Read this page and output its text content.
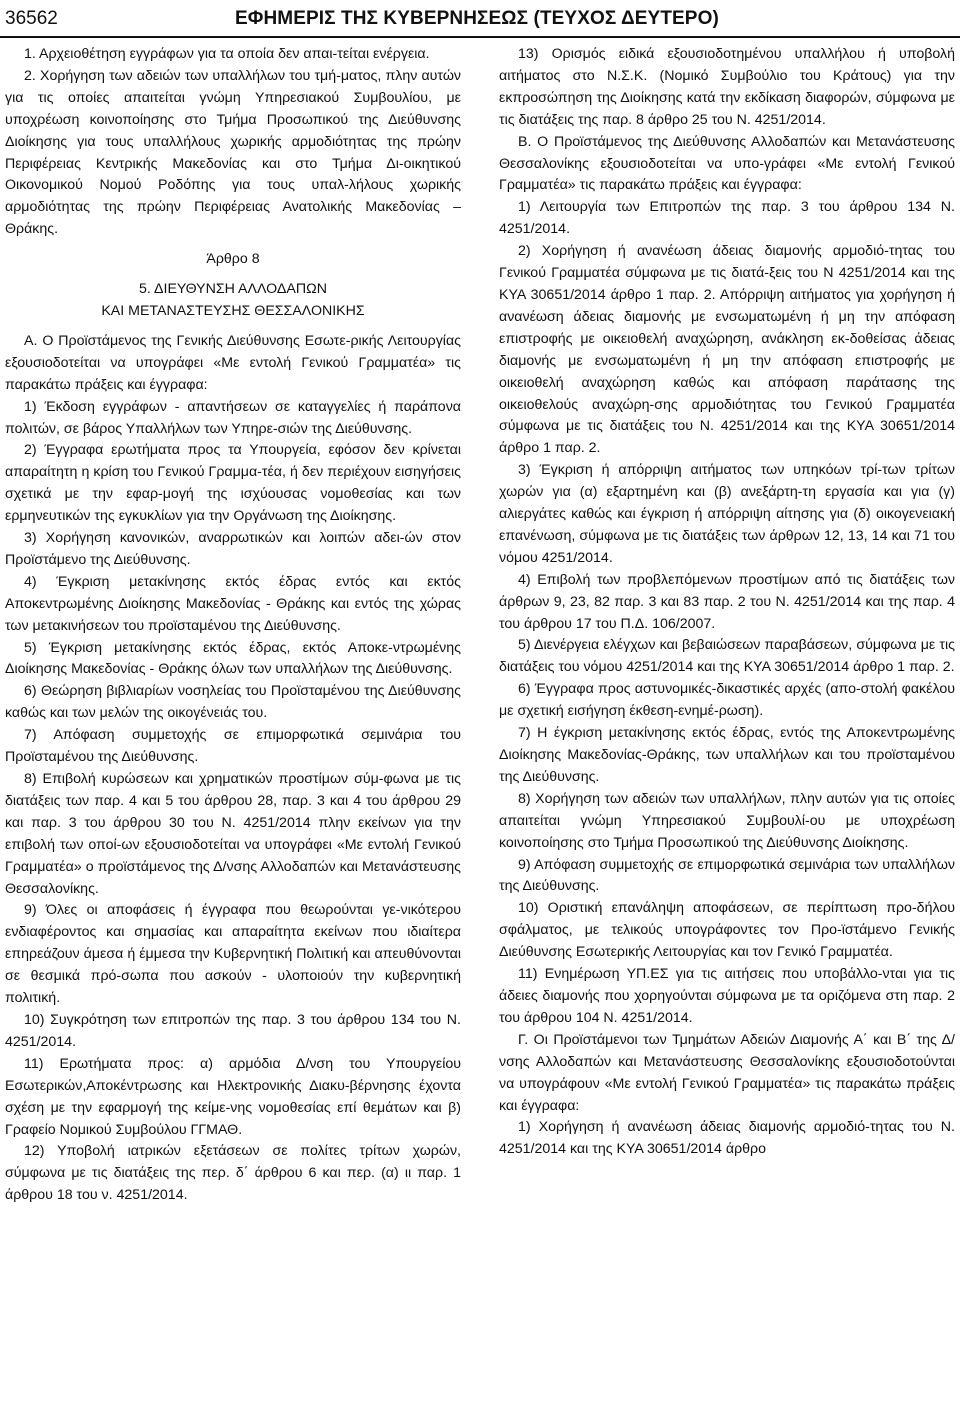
36562	ΕΦΗΜΕΡΙΣ ΤΗΣ ΚΥΒΕΡΝΗΣΕΩΣ (ΤΕΥΧΟΣ ΔΕΥΤΕΡΟ)

1. Αρχειοθέτηση εγγράφων για τα οποία δεν απαι-τείται ενέργεια.

2. Χορήγηση των αδειών των υπαλλήλων του τμή-ματος, πλην αυτών για τις οποίες απαιτείται γνώμη Υπηρεσιακού Συμβουλίου, με υποχρέωση κοινοποίησης στο Τμήμα Προσωπικού της Διεύθυνσης Διοίκησης για τους υπαλλήλους χωρικής αρμοδιότητας της πρώην Περιφέρειας Κεντρικής Μακεδονίας και στο Τμήμα Δι-οικητικού Οικονομικού Νομού Ροδόπης για τους υπαλ-λήλους χωρικής αρμοδιότητας της πρώην Περιφέρειας Ανατολικής Μακεδονίας – Θράκης.

Άρθρο 8

5. ΔΙΕΥΘΥΝΣΗ ΑΛΛΟΔΑΠΩΝ

ΚΑΙ ΜΕΤΑΝΑΣΤΕΥΣΗΣ ΘΕΣΣΑΛΟΝΙΚΗΣ

Α. Ο Προϊστάμενος της Γενικής Διεύθυνσης Εσωτε-ρικής Λειτουργίας εξουσιοδοτείται να υπογράφει «Με εντολή Γενικού Γραμματέα» τις παρακάτω πράξεις και έγγραφα:

1) Έκδοση εγγράφων - απαντήσεων σε καταγγελίες ή παράπονα πολιτών, σε βάρος Υπαλλήλων των Υπηρε-σιών της Διεύθυνσης.

2) Έγγραφα ερωτήματα προς τα Υπουργεία, εφόσον δεν κρίνεται απαραίτητη η κρίση του Γενικού Γραμμα-τέα, ή δεν περιέχουν εισηγήσεις σχετικά με την εφαρ-μογή της ισχύουσας νομοθεσίας και των ερμηνευτικών της εγκυκλίων για την Οργάνωση της Διοίκησης.

3) Χορήγηση κανονικών, αναρρωτικών και λοιπών αδει-ών στον Προϊστάμενο της Διεύθυνσης.

4) Έγκριση μετακίνησης εκτός έδρας εντός και εκτός Αποκεντρωμένης Διοίκησης Μακεδονίας - Θράκης και εντός της χώρας των μετακινήσεων του προϊσταμένου της Διεύθυνσης.

5) Έγκριση μετακίνησης εκτός έδρας, εκτός Αποκε-ντρωμένης Διοίκησης Μακεδονίας - Θράκης όλων των υπαλλήλων της Διεύθυνσης.

6) Θεώρηση βιβλιαρίων νοσηλείας του Προϊσταμένου της Διεύθυνσης καθώς και των μελών της οικογένειάς του.

7) Απόφαση συμμετοχής σε επιμορφωτικά σεμινάρια του Προϊσταμένου της Διεύθυνσης.

8) Επιβολή κυρώσεων και χρηματικών προστίμων σύμ-φωνα με τις διατάξεις των παρ. 4 και 5 του άρθρου 28, παρ. 3 και 4 του άρθρου 29 και παρ. 3 του άρθρου 30 του Ν. 4251/2014 πλην εκείνων για την επιβολή των οποί-ων εξουσιοδοτείται να υπογράφει «Με εντολή Γενικού Γραμματέα» ο προϊστάμενος της Δ/νσης Αλλοδαπών και Μετανάστευσης Θεσσαλονίκης.

9) Όλες οι αποφάσεις ή έγγραφα που θεωρούνται γε-νικότερου ενδιαφέροντος και σημασίας και απαραίτητα εκείνων που ιδιαίτερα επηρεάζουν άμεσα ή έμμεσα την Κυβερνητική Πολιτική και απευθύνονται σε θεσμικά πρό-σωπα που ασκούν - υλοποιούν την κυβερνητική πολιτική.

10) Συγκρότηση των επιτροπών της παρ. 3 του άρθρου 134 του Ν. 4251/2014.

11) Ερωτήματα προς: α) αρμόδια Δ/νση του Υπουργείου Εσωτερικών,Αποκέντρωσης και Ηλεκτρονικής Διακυ-βέρνησης έχοντα σχέση με την εφαρμογή της κείμε-νης νομοθεσίας επί θεμάτων και β) Γραφείο Νομικού Συμβούλου ΓΓΜΑΘ.

12) Υποβολή ιατρικών εξετάσεων σε πολίτες τρίτων χωρών, σύμφωνα με τις διατάξεις της περ. δ΄ άρθρου 6 και περ. (α) ιι παρ. 1 άρθρου 18 του ν. 4251/2014.

13) Ορισμός ειδικά εξουσιοδοτημένου υπαλλήλου ή υποβολή αιτήματος στο Ν.Σ.Κ. (Νομικό Συμβούλιο του Κράτους) για την εκπροσώπηση της Διοίκησης κατά την εκδίκαση διαφορών, σύμφωνα με τις διατάξεις της παρ. 8 άρθρο 25 του Ν. 4251/2014.

Β. Ο Προϊστάμενος της Διεύθυνσης Αλλοδαπών και Μετανάστευσης Θεσσαλονίκης εξουσιοδοτείται να υπο-γράφει «Με εντολή Γενικού Γραμματέα» τις παρακάτω πράξεις και έγγραφα:

1) Λειτουργία των Επιτροπών της παρ. 3 του άρθρου 134 Ν. 4251/2014.

2) Χορήγηση ή ανανέωση άδειας διαμονής αρμοδιό-τητας του Γενικού Γραμματέα σύμφωνα με τις διατά-ξεις του Ν 4251/2014 και της ΚΥΑ 30651/2014 άρθρο 1 παρ. 2. Απόρριψη αιτήματος για χορήγηση ή ανανέωση άδειας διαμονής με ενσωματωμένη ή μη την απόφαση επιστροφής με οικειοθελή αναχώρηση, ανάκληση εκ-δοθείσας άδειας διαμονής με ενσωματωμένη ή μη την απόφαση επιστροφής με οικειοθελή αναχώρηση καθώς και απόφαση παράτασης της οικειοθελούς αναχώρη-σης αρμοδιότητας του Γενικού Γραμματέα σύμφωνα με τις διατάξεις του Ν. 4251/2014 και της ΚΥΑ 30651/2014 άρθρο 1 παρ. 2.

3) Έγκριση ή απόρριψη αιτήματος των υπηκόων τρί-των τρίτων χωρών για (α) εξαρτημένη και (β) ανεξάρτη-τη εργασία και για (γ) αλιεργάτες καθώς και έγκριση ή απόρριψη αίτησης για (δ) οικογενειακή επανένωση, σύμφωνα με τις διατάξεις των άρθρων 12, 13, 14 και 71 του νόμου 4251/2014.

4) Επιβολή των προβλεπόμενων προστίμων από τις διατάξεις των άρθρων 9, 23, 82 παρ. 3 και 83 παρ. 2 του Ν. 4251/2014 και της παρ. 4 του άρθρου 17 του Π.Δ. 106/2007.

5) Διενέργεια ελέγχων και βεβαιώσεων παραβάσεων, σύμφωνα με τις διατάξεις του νόμου 4251/2014 και της ΚΥΑ 30651/2014 άρθρο 1 παρ. 2.

6) Έγγραφα προς αστυνομικές-δικαστικές αρχές (απο-στολή φακέλου με σχετική εισήγηση έκθεση-ενημέ-ρωση).

7) Η έγκριση μετακίνησης εκτός έδρας, εντός της Αποκεντρωμένης Διοίκησης Μακεδονίας-Θράκης, των υπαλλήλων και του προϊσταμένου της Διεύθυνσης.

8) Χορήγηση των αδειών των υπαλλήλων, πλην αυτών για τις οποίες απαιτείται γνώμη Υπηρεσιακού Συμβουλί-ου με υποχρέωση κοινοποίησης στο Τμήμα Προσωπικού της Διεύθυνσης Διοίκησης.

9) Απόφαση συμμετοχής σε επιμορφωτικά σεμινάρια των υπαλλήλων της Διεύθυνσης.

10) Οριστική επανάληψη αποφάσεων, σε περίπτωση προ-δήλου σφάλματος, με τελικούς υπογράφοντες τον Προ-ϊστάμενο Γενικής Διεύθυνσης Εσωτερικής Λειτουργίας και τον Γενικό Γραμματέα.

11) Ενημέρωση ΥΠ.ΕΣ για τις αιτήσεις που υποβάλλο-νται για τις άδειες διαμονής που χορηγούνται σύμφωνα με τα οριζόμενα στη παρ. 2 του άρθρου 104 Ν. 4251/2014.

Γ. Οι Προϊστάμενοι των Τμημάτων Αδειών Διαμονής Α΄ και Β΄ της Δ/νσης Αλλοδαπών και Μετανάστευσης Θεσσαλονίκης εξουσιοδοτούνται να υπογράφουν «Με εντολή Γενικού Γραμματέα» τις παρακάτω πράξεις και έγγραφα:

1) Χορήγηση ή ανανέωση άδειας διαμονής αρμοδιό-τητας του Ν. 4251/2014 και της ΚΥΑ 30651/2014 άρθρο
